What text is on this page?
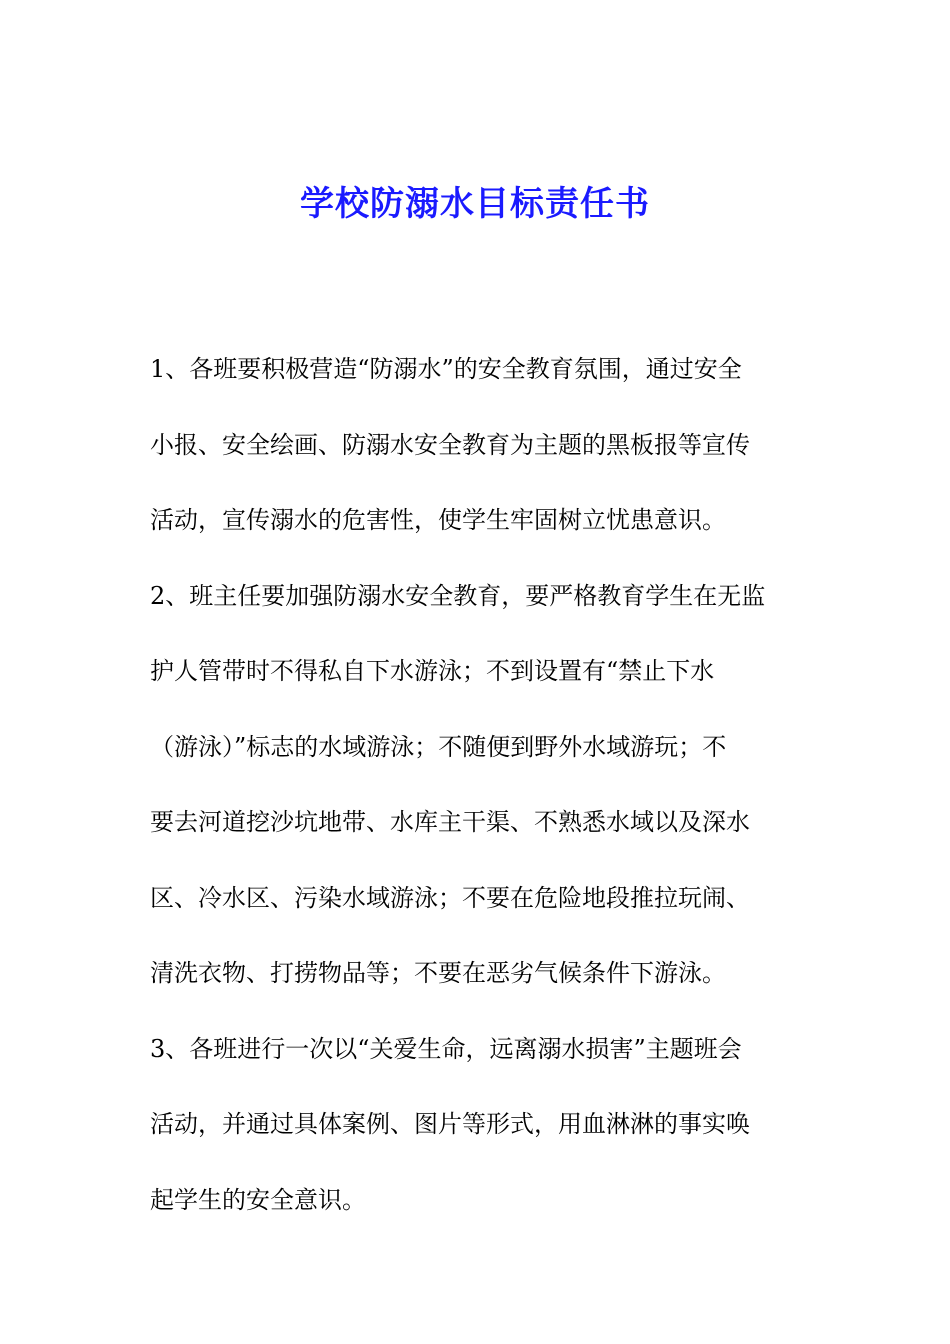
学校防溺水目标责任书
1、各班要积极营造“防溺水”的安全教育氛围，通过安全
小报、安全绘画、防溺水安全教育为主题的黑板报等宣传
活动，宣传溺水的危害性，使学生牢固树立忧患意识。
2、班主任要加强防溺水安全教育，要严格教育学生在无监
护人管带时不得私自下水游泳；不到设置有“禁止下水
（游泳）”标志的水域游泳；不随便到野外水域游玩；不
要去河道挖沙坑地带、水库主干渠、不熟悉水域以及深水
区、冷水区、污染水域游泳；不要在危险地段推拉玩闹、
清洗衣物、打捞物品等；不要在恶劣气候条件下游泳。
3、各班进行一次以“关爱生命，远离溺水损害”主题班会
活动，并通过具体案例、图片等形式，用血淋淋的事实唤
起学生的安全意识。
